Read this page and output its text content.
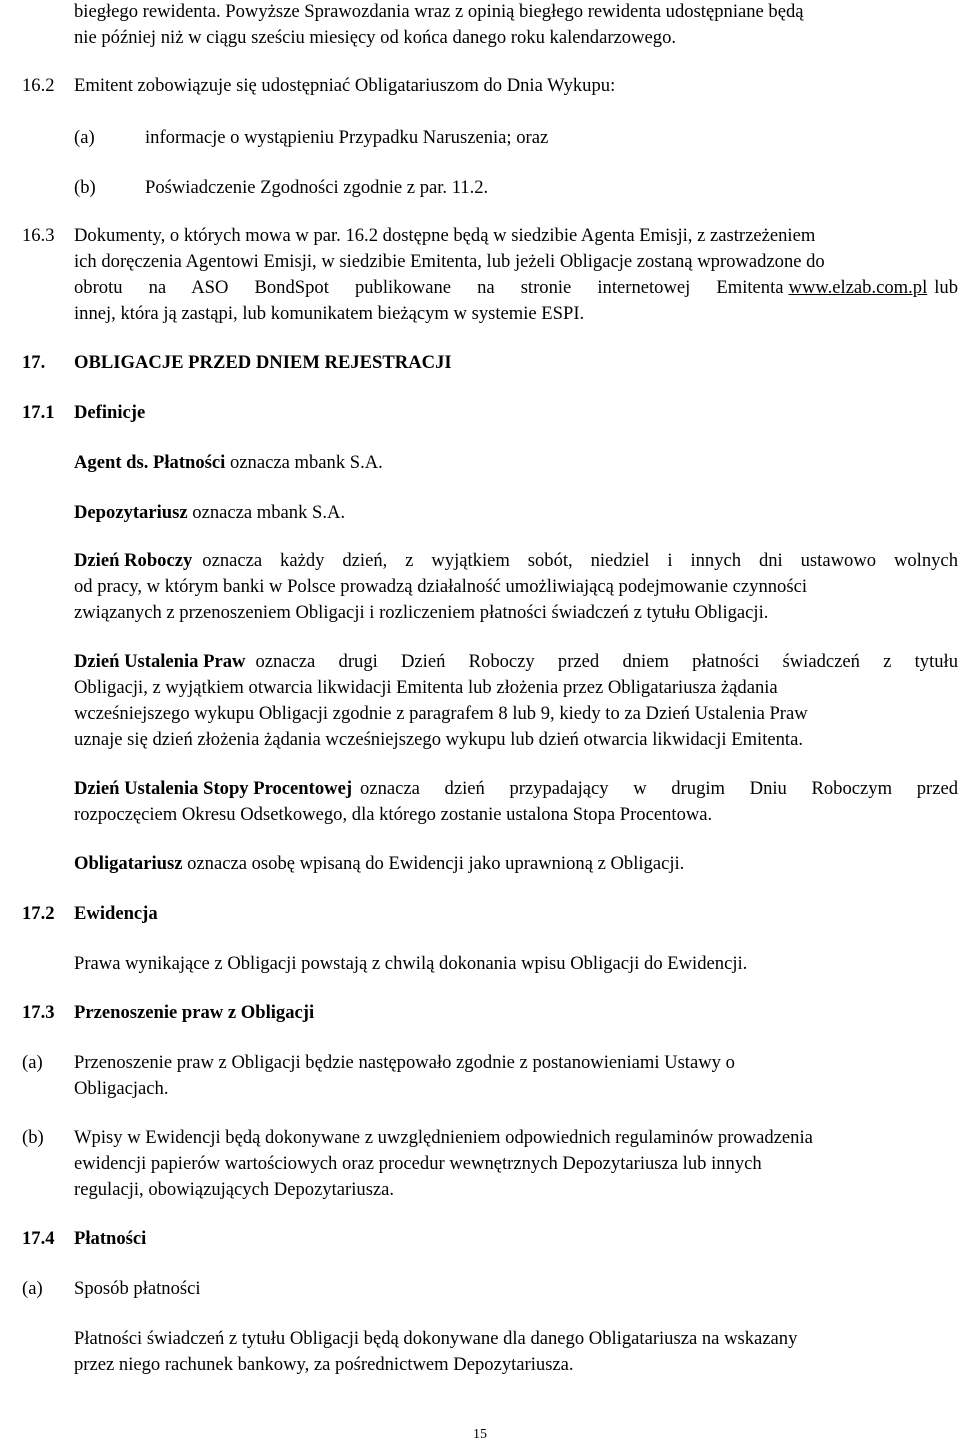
biegłego rewidenta. Powyższe Sprawozdania wraz z opinią biegłego rewidenta udostępniane będą
nie później niż w ciągu sześciu miesięcy od końca danego roku kalendarzowego.
16.2 Emitent zobowiązuje się udostępniać Obligatariuszom do Dnia Wykupu:
(a)	informacje o wystąpieniu Przypadku Naruszenia; oraz
(b)	Poświadczenie Zgodności zgodnie z par. 11.2.
16.3 Dokumenty, o których mowa w par. 16.2 dostępne będą w siedzibie Agenta Emisji, z zastrzeżeniem
ich doręczenia Agentowi Emisji, w siedzibie Emitenta, lub jeżeli Obligacje zostaną wprowadzone do
obrotu na ASO BondSpot publikowane na stronie internetowej Emitenta www.elzab.com.pl lub
innej, która ją zastąpi, lub komunikatem bieżącym w systemie ESPI.
17. OBLIGACJE PRZED DNIEM REJESTRACJI
17.1 Definicje
Agent ds. Płatności oznacza mbank S.A.
Depozytariusz oznacza mbank S.A.
Dzień Roboczy oznacza każdy dzień, z wyjątkiem sobót, niedziel i innych dni ustawowo wolnych
od pracy, w którym banki w Polsce prowadzą działalność umożliwiającą podejmowanie czynności
związanych z przenoszeniem Obligacji i rozliczeniem płatności świadczeń z tytułu Obligacji.
Dzień Ustalenia Praw oznacza drugi Dzień Roboczy przed dniem płatności świadczeń z tytułu
Obligacji, z wyjątkiem otwarcia likwidacji Emitenta lub złożenia przez Obligatariusza żądania
wcześniejszego wykupu Obligacji zgodnie z paragrafem 8 lub 9, kiedy to za Dzień Ustalenia Praw
uznaje się dzień złożenia żądania wcześniejszego wykupu lub dzień otwarcia likwidacji Emitenta.
Dzień Ustalenia Stopy Procentowej oznacza dzień przypadający w drugim Dniu Roboczym przed
rozpoczęciem Okresu Odsetkowego, dla którego zostanie ustalona Stopa Procentowa.
Obligatariusz oznacza osobę wpisaną do Ewidencji jako uprawnioną z Obligacji.
17.2 Ewidencja
Prawa wynikające z Obligacji powstają z chwilą dokonania wpisu Obligacji do Ewidencji.
17.3 Przenoszenie praw z Obligacji
(a) Przenoszenie praw z Obligacji będzie następowało zgodnie z postanowieniami Ustawy o
Obligacjach.
(b) Wpisy w Ewidencji będą dokonywane z uwzględnieniem odpowiednich regulaminów prowadzenia
ewidencji papierów wartościowych oraz procedur wewnętrznych Depozytariusza lub innych
regulacji, obowiązujących Depozytariusza.
17.4 Płatności
(a) Sposób płatności
Płatności świadczeń z tytułu Obligacji będą dokonywane dla danego Obligatariusza na wskazany
przez niego rachunek bankowy, za pośrednictwem Depozytariusza.
15
